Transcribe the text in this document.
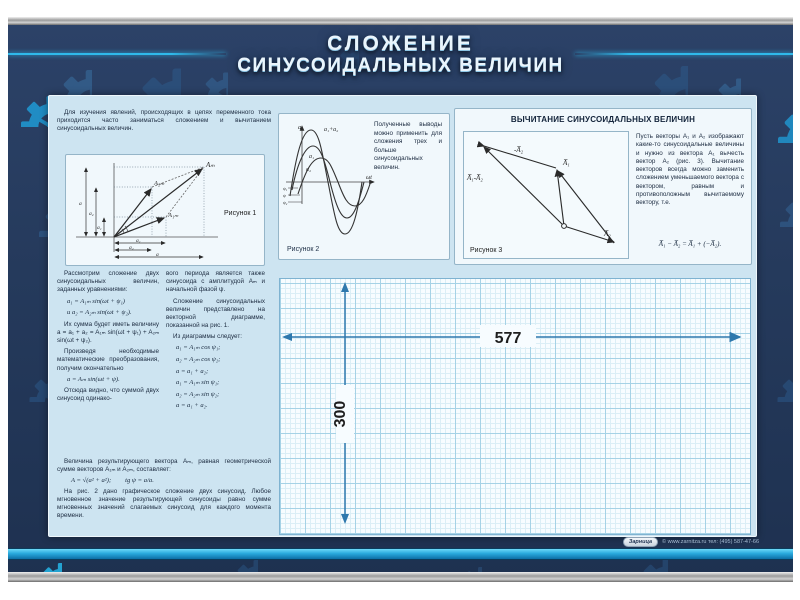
СЛОЖЕНИЕ
СИНУСОИДАЛЬНЫХ ВЕЛИЧИН

Для изучения явлений, происходящих в цепях переменного тока приходится часто заниматься сложением и вычитанием синусоидальных величин.

Aₘ
A₂ₘ
A₁ₘ
a
a₂
a₁
a₁
a₂
a
Рисунок 1

Рассмотрим сложение двух синусоидальных величин, заданных уравнениями:

a₁ = A₁ₘ sin(ωt + ψ₁)
и a₂ = A₂ₘ sin(ωt + ψ₂).

Их сумма будет иметь величину a = a₁ + a₂ = A₁ₘ sin(ωt + ψ₁) + A₂ₘ sin(ωt + ψ₂).

Произведя необходимые математические преобразования, получим окончательно

a = Aₘ sin(ωt + ψ).

Отсюда видно, что суммой двух синусоид одинако-

вого периода является также синусоида с амплитудой Aₘ и начальной фазой ψ.

Сложение синусоидальных величин представлено на векторной диаграмме, показанной на рис. 1.

Из диаграммы следует:

a₁ = A₁ₘ cos ψ₁;
a₂ = A₂ₘ cos ψ₂;
a = a₁ + a₂;
a₁ = A₁ₘ sin ψ₁;
a₂ = A₂ₘ sin ψ₂;
a = a₁ + a₂.

Величина результирующего вектора Aₘ, равная геометрической сумме векторов A₁ₘ и A₂ₘ, составляет:

A = √(a² + a²); tg ψ = a/a.

На рис. 2 дано графическое сложение двух синусоид. Любое мгновенное значение результирующей синусоиды равно сумме мгновенных значений слагаемых синусоид для каждого момента времени.

a	a₁+a₂
a₁
a₂
ωt
ψ₁
ψ
ψ₂
Полученные выводы можно применить для сложения трех и больше синусоидальных величин.
Рисунок 2
ВЫЧИТАНИЕ СИНУСОИДАЛЬНЫХ ВЕЛИЧИН
-A̅₂
A̅₁-A̅₂
A̅₁
A̅₂
Рисунок 3
Пусть векторы A₁ и A₂ изображают какие-то синусоидальные величины и нужно из вектора A₁ вычесть вектор A₂ (рис. 3). Вычитание векторов всегда можно заменить сложением уменьшаемого вектора с вектором, равным и противоположным вычитаемому вектору, т.е.
A̅₁ − A̅₂ = A̅₁ + (−A̅₂).
577
300
Зарница	© www.zarnitza.ru тел: (495) 587-47-66
